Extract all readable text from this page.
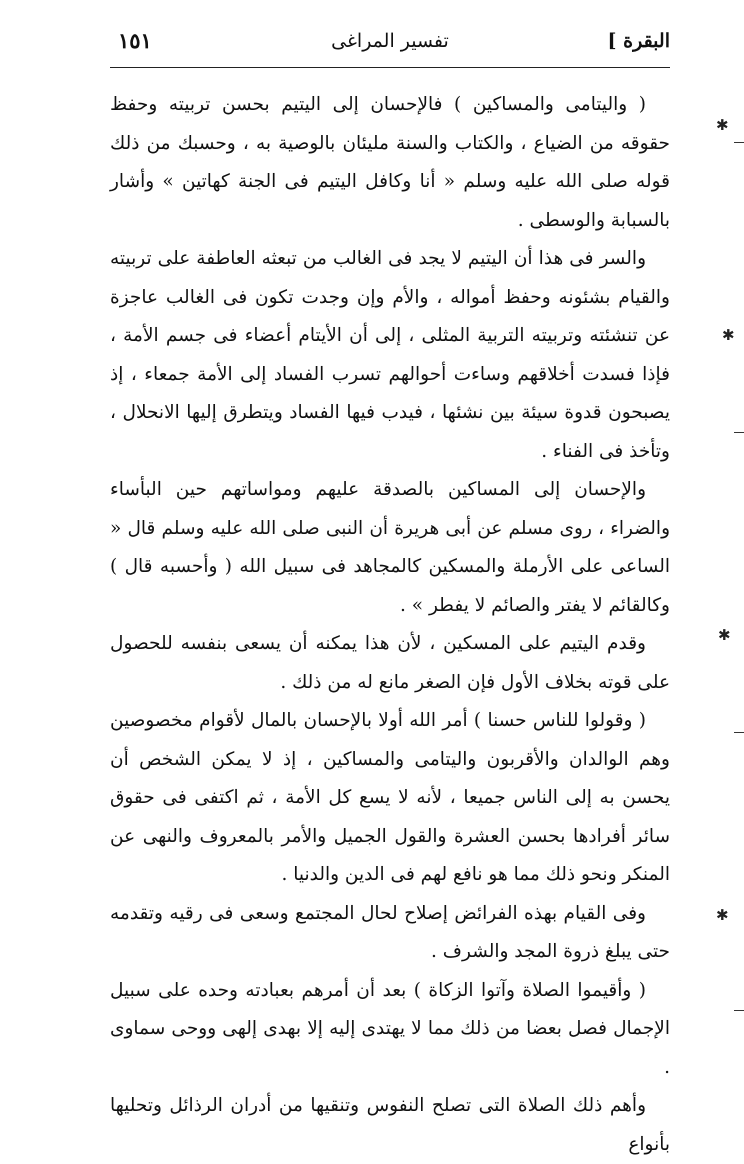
البقرة ]
تفسير المراغى
١٥١

( واليتامى والمساكين ) فالإحسان إلى اليتيم بحسن تربيته وحفظ حقوقه من الضياع ، والكتاب والسنة مليئان بالوصية به ، وحسبك من ذلك قوله صلى الله عليه وسلم « أنا وكافل اليتيم فى الجنة كهاتين » وأشار بالسبابة والوسطى .

والسر فى هذا أن اليتيم لا يجد فى الغالب من تبعثه العاطفة على تربيته والقيام بشئونه وحفظ أمواله ، والأم وإن وجدت تكون فى الغالب عاجزة عن تنشئته وتربيته التربية المثلى ، إلى أن الأيتام أعضاء فى جسم الأمة ، فإذا فسدت أخلاقهم وساءت أحوالهم تسرب الفساد إلى الأمة جمعاء ، إذ يصبحون قدوة سيئة بين نشئها ، فيدب فيها الفساد ويتطرق إليها الانحلال ، وتأخذ فى الفناء .

والإحسان إلى المساكين بالصدقة عليهم ومواساتهم حين البأساء والضراء ، روى مسلم عن أبى هريرة أن النبى صلى الله عليه وسلم قال « الساعى على الأرملة والمسكين كالمجاهد فى سبيل الله ( وأحسبه قال ) وكالقائم لا يفتر والصائم لا يفطر » .

وقدم اليتيم على المسكين ، لأن هذا يمكنه أن يسعى بنفسه للحصول على قوته بخلاف الأول فإن الصغر مانع له من ذلك .

( وقولوا للناس حسنا ) أمر الله أولا بالإحسان بالمال لأقوام مخصوصين وهم الوالدان والأقربون واليتامى والمساكين ، إذ لا يمكن الشخص أن يحسن به إلى الناس جميعا ، لأنه لا يسع كل الأمة ، ثم اكتفى فى حقوق سائر أفرادها بحسن العشرة والقول الجميل والأمر بالمعروف والنهى عن المنكر ونحو ذلك مما هو نافع لهم فى الدين والدنيا .

وفى القيام بهذه الفرائض إصلاح لحال المجتمع وسعى فى رقيه وتقدمه حتى يبلغ ذروة المجد والشرف .

( وأقيموا الصلاة وآتوا الزكاة ) بعد أن أمرهم بعبادته وحده على سبيل الإجمال فصل بعضا من ذلك مما لا يهتدى إليه إلا بهدى إلهى ووحى سماوى .

وأهم ذلك الصلاة التى تصلح النفوس وتنقيها من أدران الرذائل وتحليها بأنواع

✱
✱
✱
✱
